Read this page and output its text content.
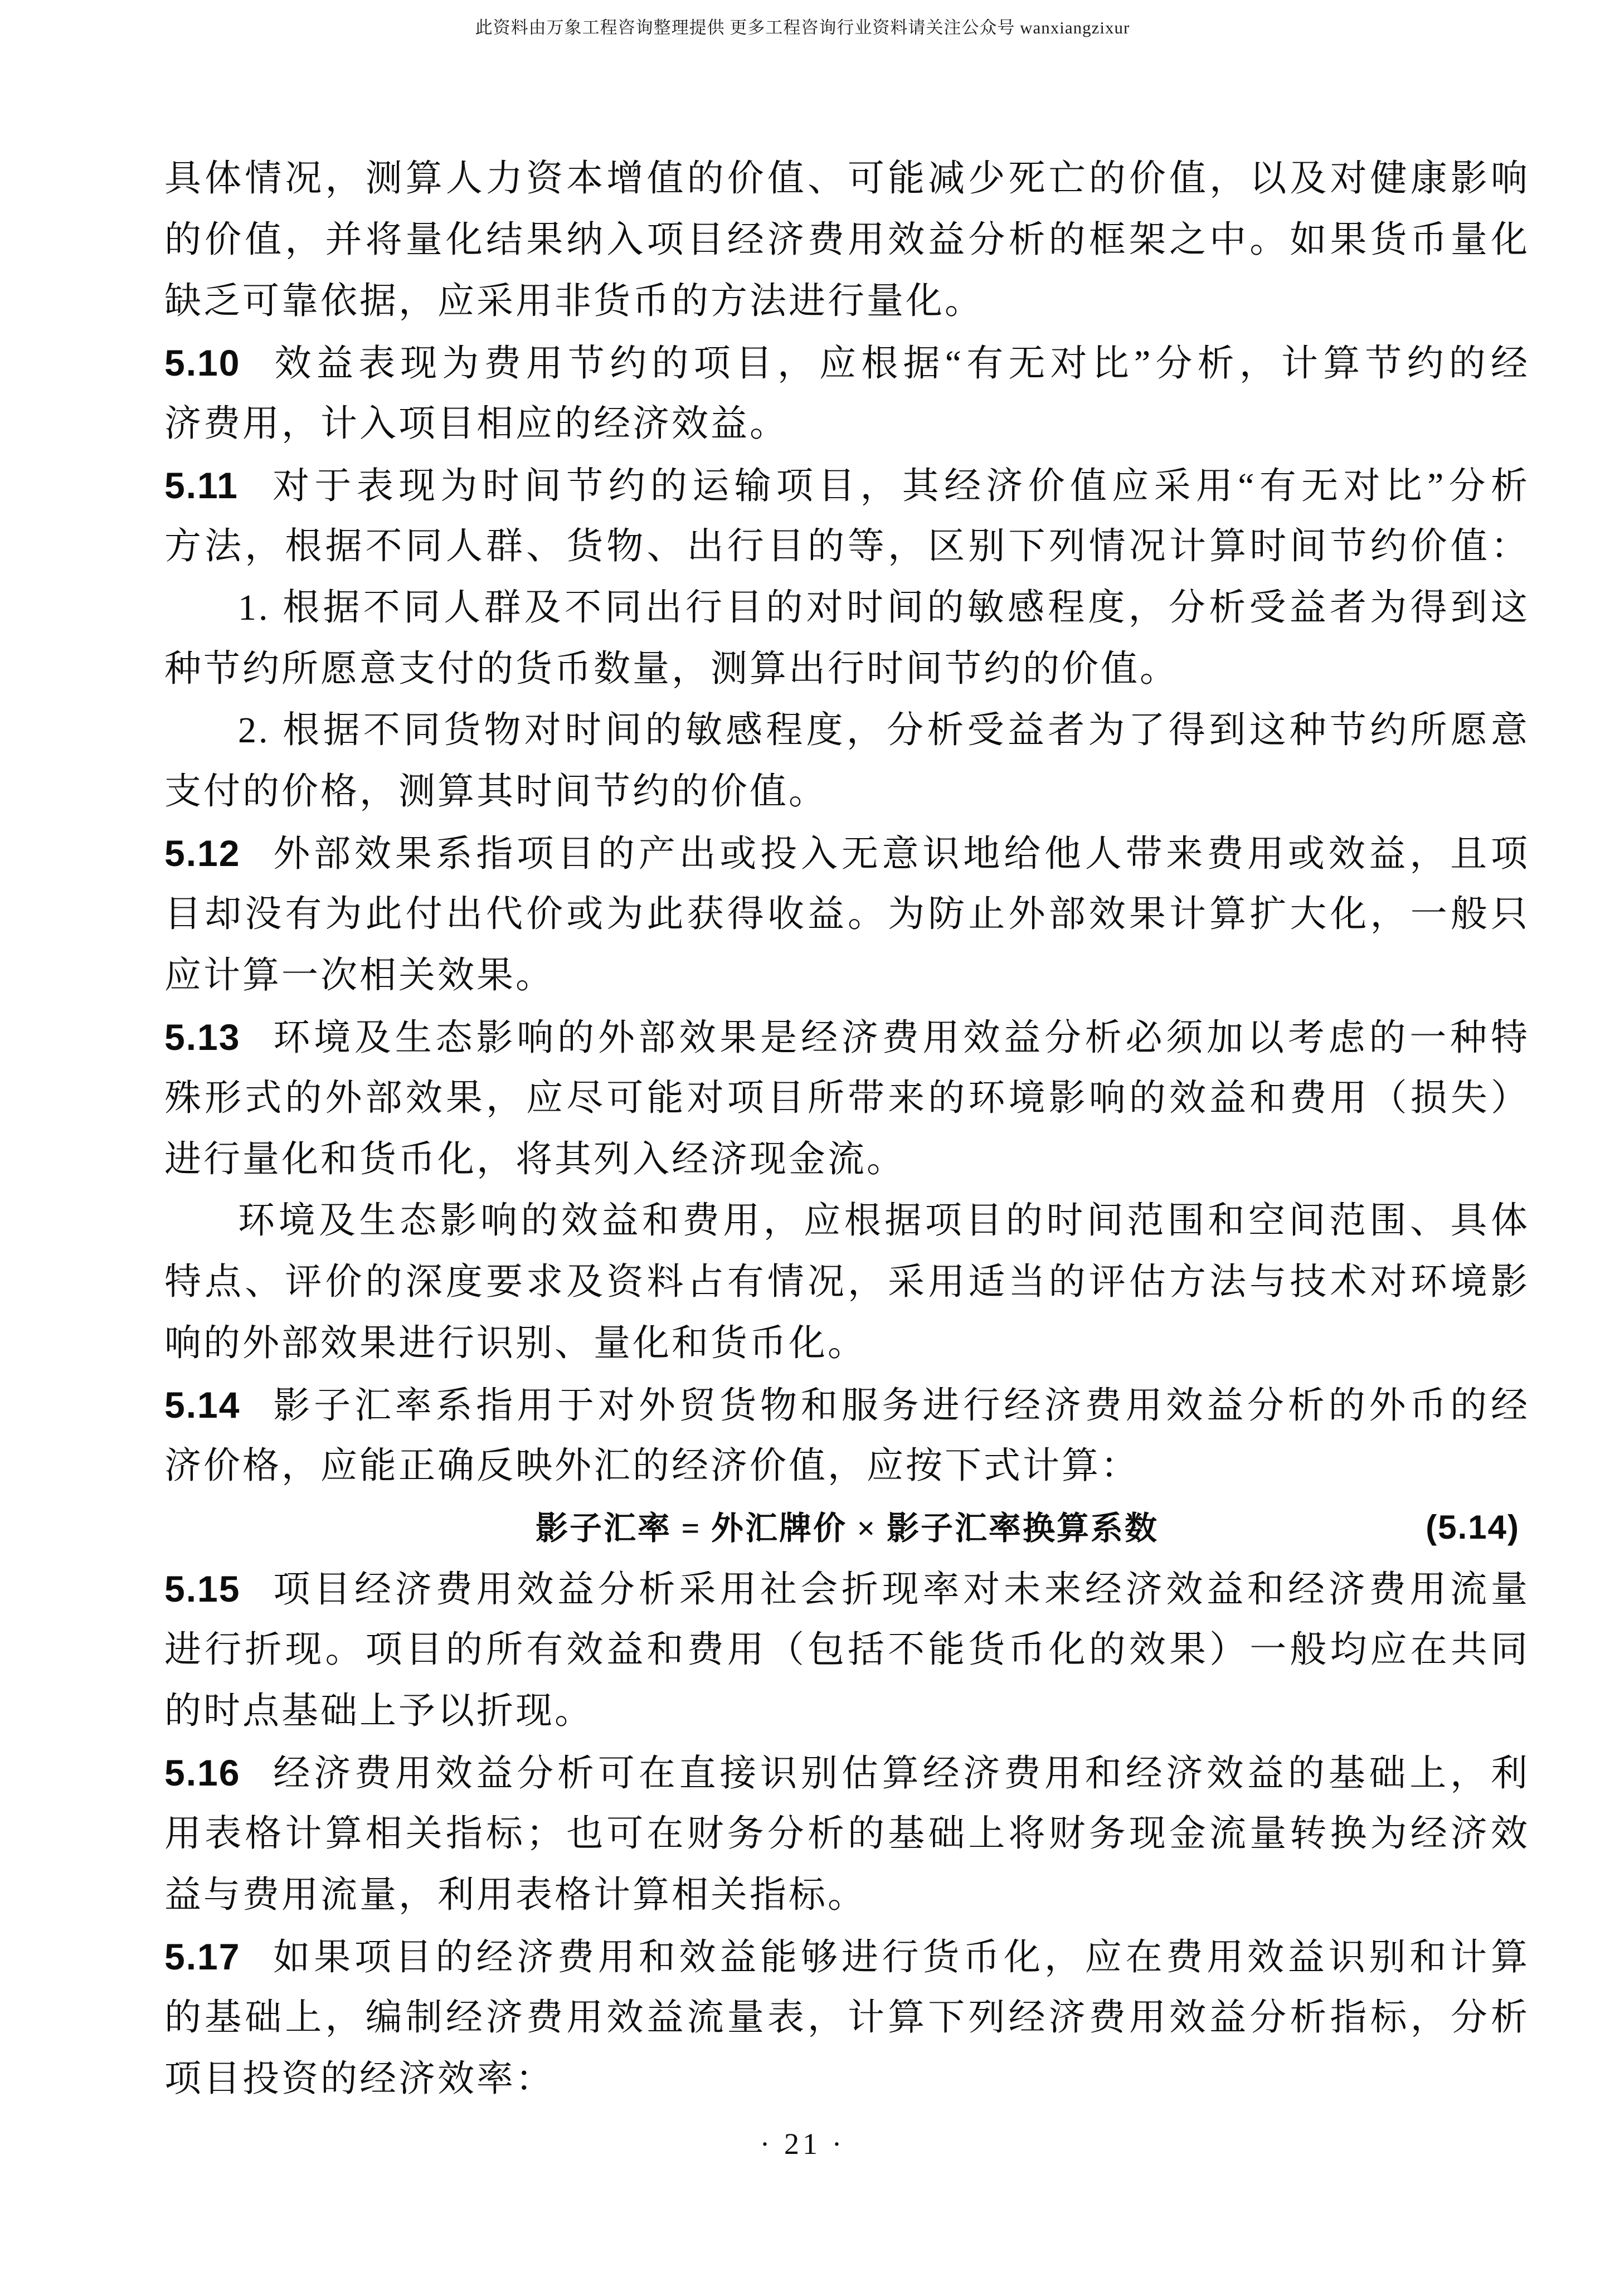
此资料由万象工程咨询整理提供 更多工程咨询行业资料请关注公众号 wanxiangzixur
具体情况，测算人力资本增值的价值、可能减少死亡的价值，以及对健康影响
的价值，并将量化结果纳入项目经济费用效益分析的框架之中。如果货币量化
缺乏可靠依据，应采用非货币的方法进行量化。
5.10 效益表现为费用节约的项目，应根据“有无对比”分析，计算节约的经
济费用，计入项目相应的经济效益。
5.11 对于表现为时间节约的运输项目，其经济价值应采用“有无对比”分析
方法，根据不同人群、货物、出行目的等，区别下列情况计算时间节约价值：
1. 根据不同人群及不同出行目的对时间的敏感程度，分析受益者为得到这
种节约所愿意支付的货币数量，测算出行时间节约的价值。
2. 根据不同货物对时间的敏感程度，分析受益者为了得到这种节约所愿意
支付的价格，测算其时间节约的价值。
5.12 外部效果系指项目的产出或投入无意识地给他人带来费用或效益，且项
目却没有为此付出代价或为此获得收益。为防止外部效果计算扩大化，一般只
应计算一次相关效果。
5.13 环境及生态影响的外部效果是经济费用效益分析必须加以考虑的一种特
殊形式的外部效果，应尽可能对项目所带来的环境影响的效益和费用（损失）
进行量化和货币化，将其列入经济现金流。
环境及生态影响的效益和费用，应根据项目的时间范围和空间范围、具体
特点、评价的深度要求及资料占有情况，采用适当的评估方法与技术对环境影
响的外部效果进行识别、量化和货币化。
5.14 影子汇率系指用于对外贸货物和服务进行经济费用效益分析的外币的经
济价格，应能正确反映外汇的经济价值，应按下式计算：
影子汇率 = 外汇牌价 × 影子汇率换算系数	(5.14)
5.15 项目经济费用效益分析采用社会折现率对未来经济效益和经济费用流量
进行折现。项目的所有效益和费用（包括不能货币化的效果）一般均应在共同
的时点基础上予以折现。
5.16 经济费用效益分析可在直接识别估算经济费用和经济效益的基础上，利
用表格计算相关指标；也可在财务分析的基础上将财务现金流量转换为经济效
益与费用流量，利用表格计算相关指标。
5.17 如果项目的经济费用和效益能够进行货币化，应在费用效益识别和计算
的基础上，编制经济费用效益流量表，计算下列经济费用效益分析指标，分析
项目投资的经济效率：
· 21 ·
